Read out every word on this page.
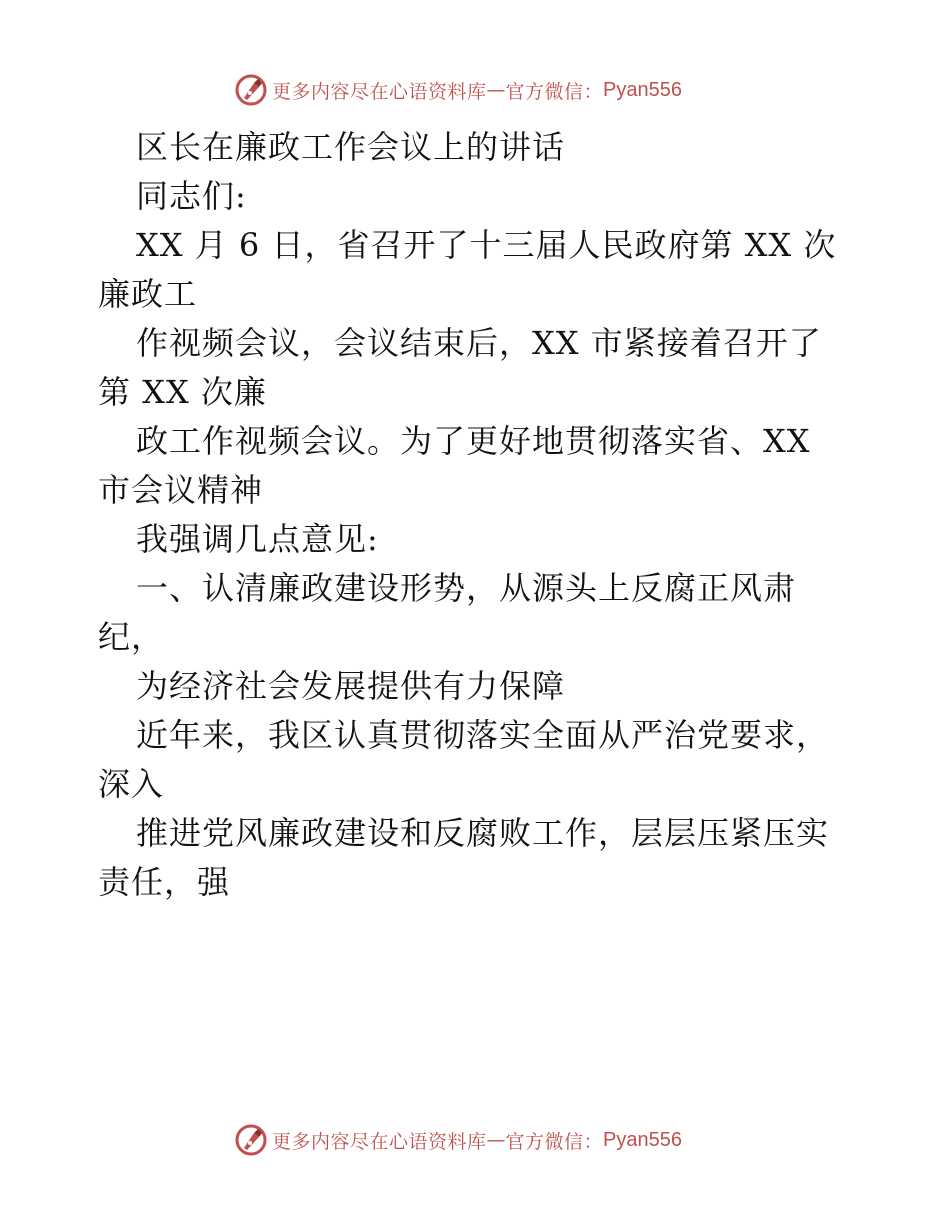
更多内容尽在心语资料库 — 官方微信： Pyan556
区长在廉政工作会议上的讲话
同志们:
XX 月 6 日，省召开了十三届人民政府第 XX 次
廉政工
作视频会议，会议结束后，XX 市紧接着召开了
第 XX 次廉
政工作视频会议。为了更好地贯彻落实省、XX
市会议精神
我强调几点意见:
一、认清廉政建设形势，从源头上反腐正风肃
纪，
为经济社会发展提供有力保障
近年来，我区认真贯彻落实全面从严治党要求，
深入
推进党风廉政建设和反腐败工作，层层压紧压实
责任，强
更多内容尽在心语资料库 — 官方微信： Pyan556
